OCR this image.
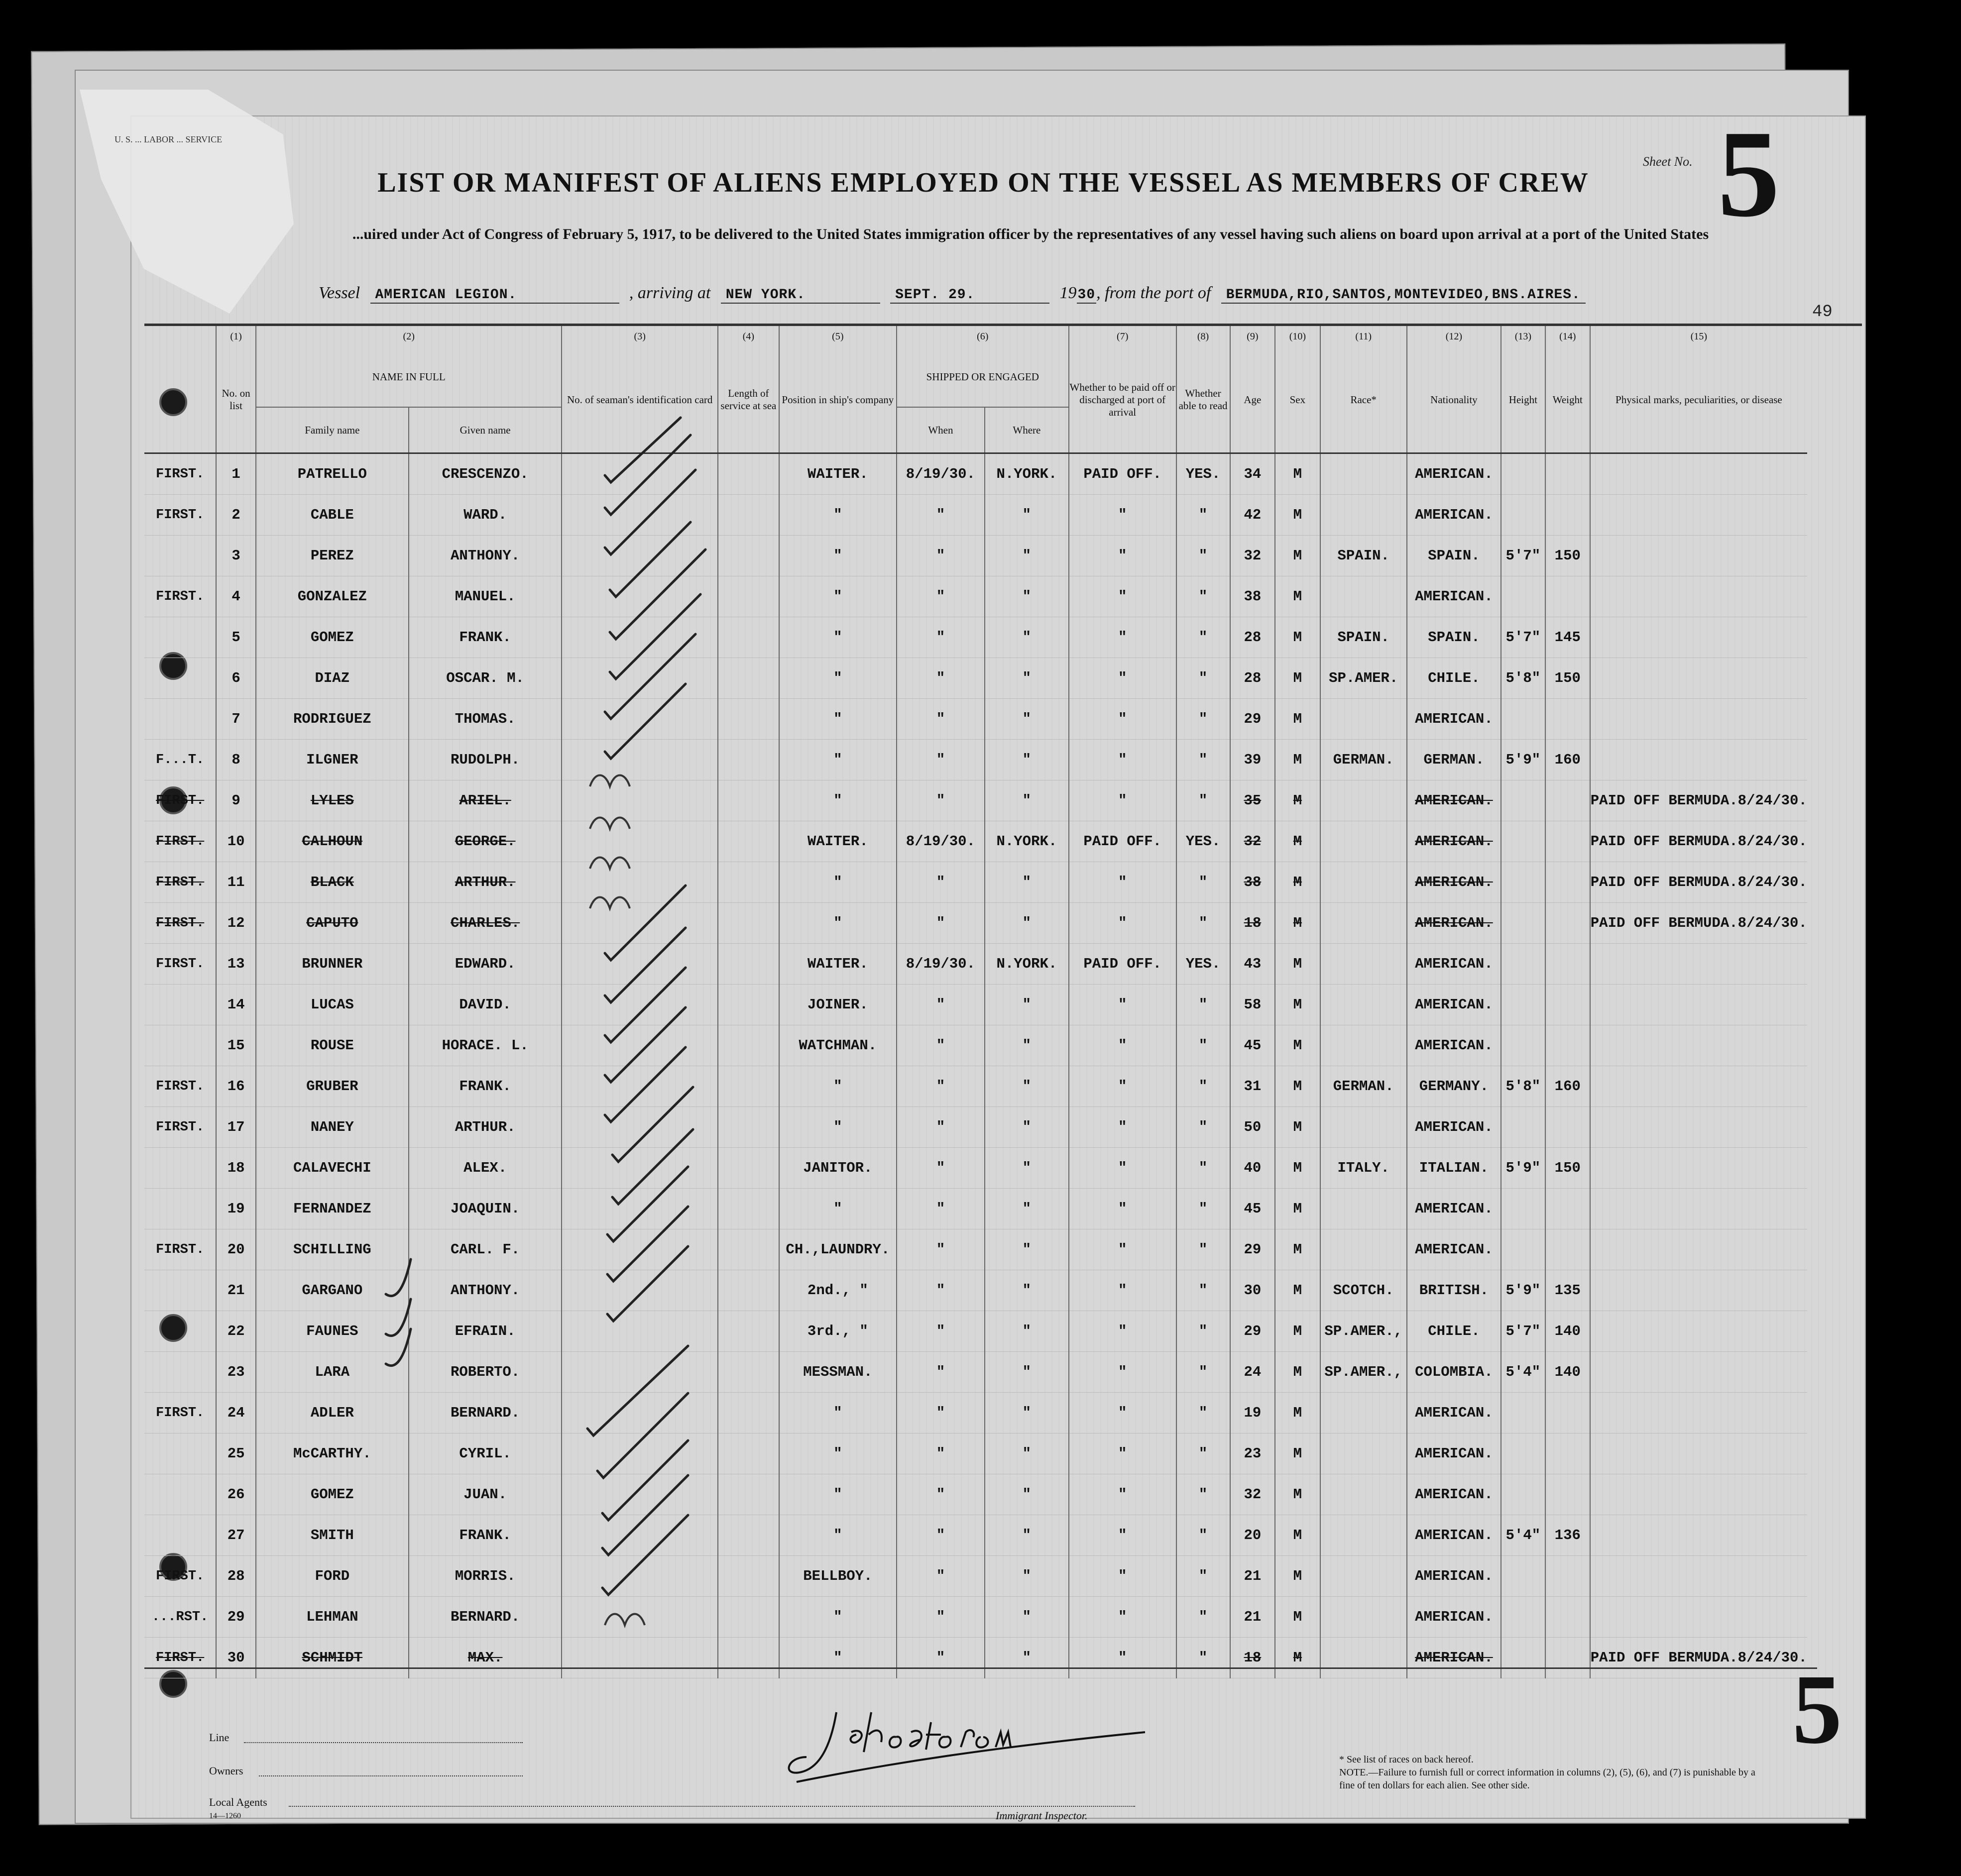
U. S. ... LABOR ... SERVICE
Sheet No. 5
LIST OR MANIFEST OF ALIENS EMPLOYED ON THE VESSEL AS MEMBERS OF CREW
...uired under Act of Congress of February 5, 1917, to be delivered to the United States immigration officer by the representatives of any vessel having such aliens on board upon arrival at a port of the United States
Vessel AMERICAN LEGION.	, arriving at NEW YORK.	SEPT. 29.	1930, from the port of BERMUDA,RIO,SANTOS,MONTEVIDEO,BNS.AIRES.
49
	(1)	(2)		(3)	(4)	(5)	(6)		(7)	(8)	(9)	(10)	(11)	(12)	(13)	(14)	(15)
	No. on list	NAME IN FULL		No. of seaman's identification card	Length of service at sea	Position in ship's company	SHIPPED OR ENGAGED		Whether to be paid off or discharged at port of arrival	Whether able to read	Age	Sex	Race*	Nationality	Height	Weight	Physical marks, peculiarities, or disease
		Family name	Given name				When	Where									
FIRST.	1	PATRELLO	CRESCENZO.			WAITER.	8/19/30.	N.YORK.	PAID OFF.	YES.	34	M		AMERICAN.			
FIRST.	2	CABLE	WARD.			"	"	"	"	"	42	M		AMERICAN.			
	3	PEREZ	ANTHONY.			"	"	"	"	"	32	M	SPAIN.	SPAIN.	5'7"	150	
FIRST.	4	GONZALEZ	MANUEL.			"	"	"	"	"	38	M		AMERICAN.			
	5	GOMEZ	FRANK.			"	"	"	"	"	28	M	SPAIN.	SPAIN.	5'7"	145	
	6	DIAZ	OSCAR. M.			"	"	"	"	"	28	M	SP.AMER.	CHILE.	5'8"	150	
	7	RODRIGUEZ	THOMAS.			"	"	"	"	"	29	M		AMERICAN.			
F...T.	8	ILGNER	RUDOLPH.			"	"	"	"	"	39	M	GERMAN.	GERMAN.	5'9"	160	
FIRST.	9	LYLES	ARIEL.			"	"	"	"	"	35	M		AMERICAN.			PAID OFF BERMUDA.8/24/30.
FIRST.	10	CALHOUN	GEORGE.			WAITER.	8/19/30.	N.YORK.	PAID OFF.	YES.	32	M		AMERICAN.			PAID OFF BERMUDA.8/24/30.
FIRST.	11	BLACK	ARTHUR.			"	"	"	"	"	38	M		AMERICAN.			PAID OFF BERMUDA.8/24/30.
FIRST.	12	CAPUTO	CHARLES.			"	"	"	"	"	18	M		AMERICAN.			PAID OFF BERMUDA.8/24/30.
FIRST.	13	BRUNNER	EDWARD.			WAITER.	8/19/30.	N.YORK.	PAID OFF.	YES.	43	M		AMERICAN.			
	14	LUCAS	DAVID.			JOINER.	"	"	"	"	58	M		AMERICAN.			
	15	ROUSE	HORACE. L.			WATCHMAN.	"	"	"	"	45	M		AMERICAN.			
FIRST.	16	GRUBER	FRANK.			"	"	"	"	"	31	M	GERMAN.	GERMANY.	5'8"	160	
FIRST.	17	NANEY	ARTHUR.			"	"	"	"	"	50	M		AMERICAN.			
	18	CALAVECHI	ALEX.			JANITOR.	"	"	"	"	40	M	ITALY.	ITALIAN.	5'9"	150	
	19	FERNANDEZ	JOAQUIN.			"	"	"	"	"	45	M		AMERICAN.			
FIRST.	20	SCHILLING	CARL. F.			CH.,LAUNDRY.	"	"	"	"	29	M		AMERICAN.			
	21	GARGANO	ANTHONY.			2nd., "	"	"	"	"	30	M	SCOTCH.	BRITISH.	5'9"	135	
	22	FAUNES	EFRAIN.			3rd., "	"	"	"	"	29	M	SP.AMER.,	CHILE.	5'7"	140	
	23	LARA	ROBERTO.			MESSMAN.	"	"	"	"	24	M	SP.AMER.,	COLOMBIA.	5'4"	140	
FIRST.	24	ADLER	BERNARD.			"	"	"	"	"	19	M		AMERICAN.			
	25	McCARTHY.	CYRIL.			"	"	"	"	"	23	M		AMERICAN.			
	26	GOMEZ	JUAN.			"	"	"	"	"	32	M		AMERICAN.			
	27	SMITH	FRANK.			"	"	"	"	"	20	M		AMERICAN.	5'4"	136	
FIRST.	28	FORD	MORRIS.			BELLBOY.	"	"	"	"	21	M		AMERICAN.			
...RST.	29	LEHMAN	BERNARD.			"	"	"	"	"	21	M		AMERICAN.			
FIRST.	30	SCHMIDT	MAX.			"	"	"	"	"	18	M		AMERICAN.			PAID OFF BERMUDA.8/24/30.
Line
Owners
Local Agents
14—1260	Immigrant Inspector.
5
* See list of races on back hereof.
NOTE.—Failure to furnish full or correct information in columns (2), (5), (6), and (7) is punishable by a fine of ten dollars for each alien. See other side.
